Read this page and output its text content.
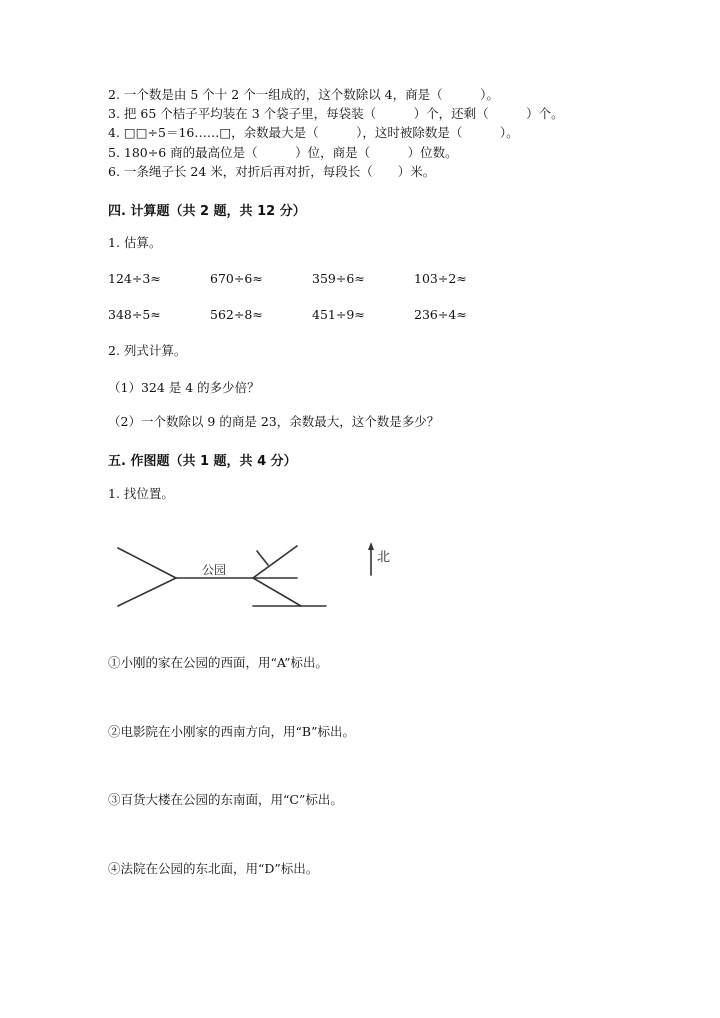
2. 一个数是由 5 个十 2 个一组成的，这个数除以 4，商是（　　　）。
3. 把 65 个桔子平均装在 3 个袋子里，每袋装（　　　）个，还剩（　　　）个。
4. □□÷5＝16……□，余数最大是（　　　），这时被除数是（　　　）。
5. 180÷6 商的最高位是（　　　）位，商是（　　　）位数。
6. 一条绳子长 24 米，对折后再对折，每段长（　　）米。
四. 计算题（共 2 题，共 12 分）
1. 估算。
124÷3≈	670÷6≈	359÷6≈	103÷2≈
348÷5≈	562÷8≈	451÷9≈	236÷4≈
2. 列式计算。
（1）324 是 4 的多少倍？
（2）一个数除以 9 的商是 23，余数最大，这个数是多少？
五. 作图题（共 1 题，共 4 分）
1. 找位置。
公园
北
①小刚的家在公园的西面，用“A”标出。
②电影院在小刚家的西南方向，用“B”标出。
③百货大楼在公园的东南面，用“C”标出。
④法院在公园的东北面，用“D”标出。
